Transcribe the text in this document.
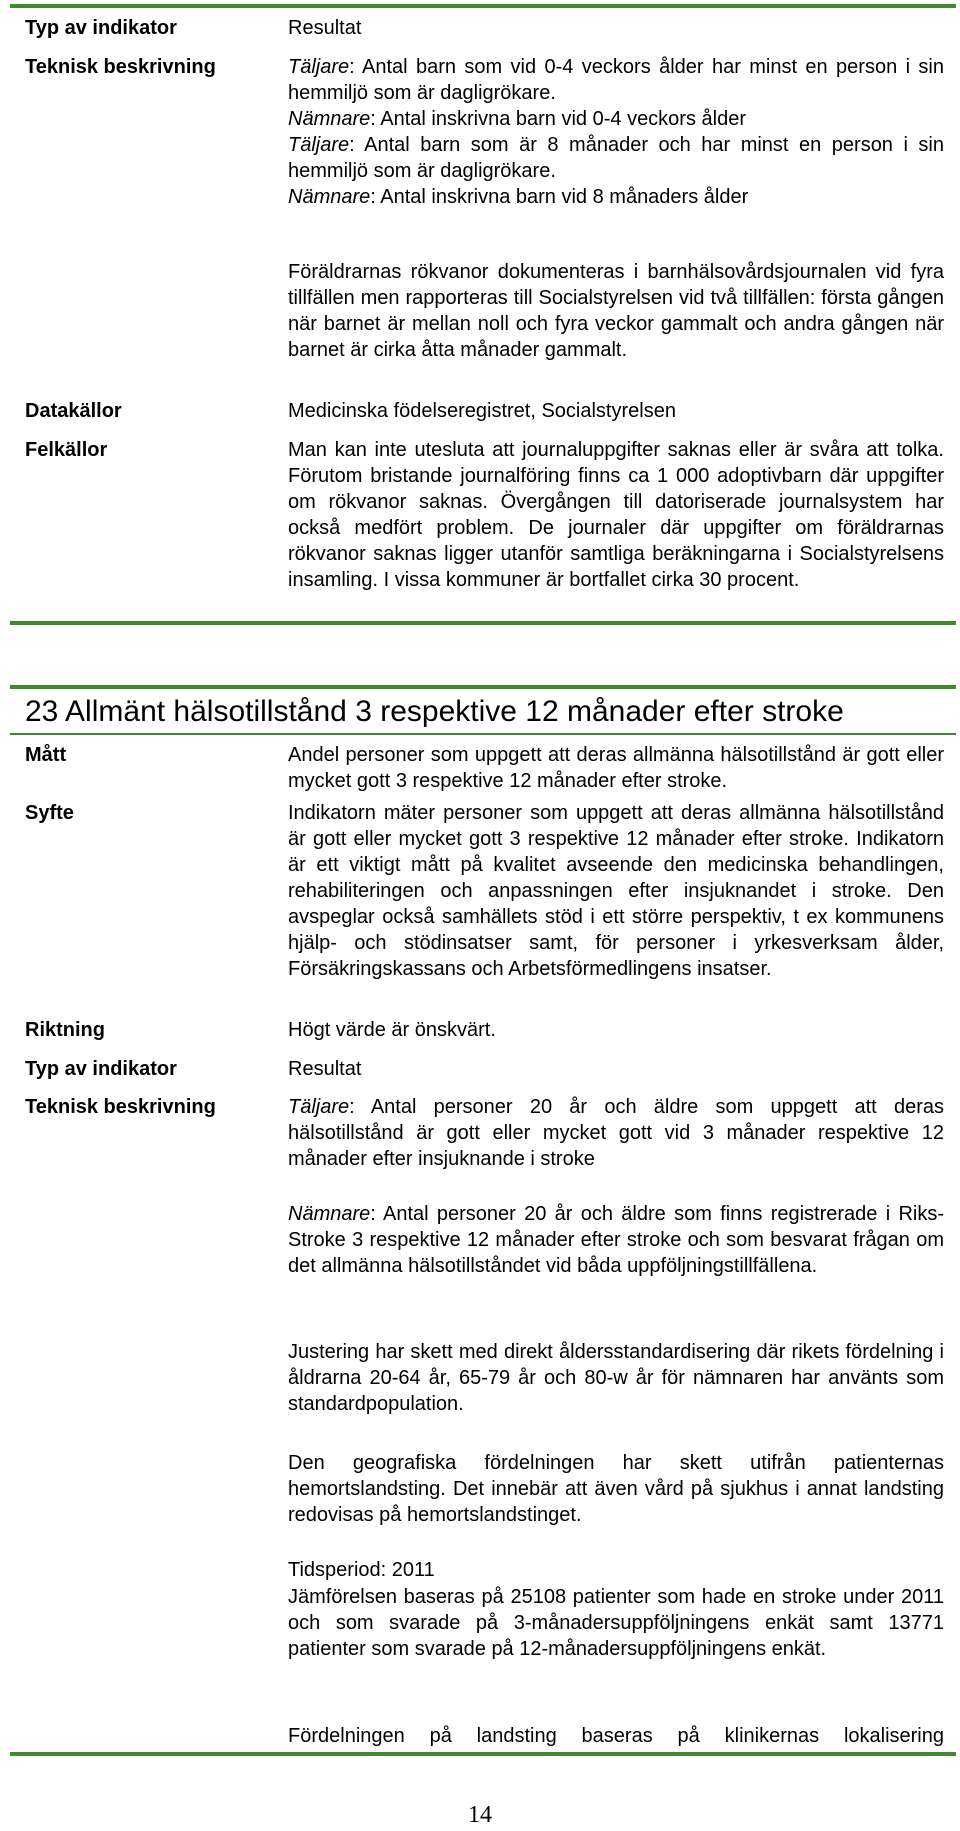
Typ av indikator	Resultat
Teknisk beskrivning	Täljare: Antal barn som vid 0-4 veckors ålder har minst en person i sin hemmiljö som är dagligrökare.
Nämnare: Antal inskrivna barn vid 0-4 veckors ålder
Täljare: Antal barn som är 8 månader och har minst en person i sin hemmiljö som är dagligrökare.
Nämnare: Antal inskrivna barn vid 8 månaders ålder
Föräldrarnas rökvanor dokumenteras i barnhälsovårdsjournalen vid fyra tillfällen men rapporteras till Socialstyrelsen vid två tillfällen: första gången när barnet är mellan noll och fyra veckor gammalt och andra gången när barnet är cirka åtta månader gammalt.
Datakällor	Medicinska födelseregistret, Socialstyrelsen
Felkällor	Man kan inte utesluta att journaluppgifter saknas eller är svåra att tolka. Förutom bristande journalföring finns ca 1 000 adoptivbarn där uppgifter om rökvanor saknas. Övergången till datoriserade journalsystem har också medfört problem. De journaler där uppgifter om föräldrarnas rökvanor saknas ligger utanför samtliga beräkningarna i Socialstyrelsens insamling. I vissa kommuner är bortfallet cirka 30 procent.
23 Allmänt hälsotillstånd 3 respektive 12 månader efter stroke
Mått	Andel personer som uppgett att deras allmänna hälsotillstånd är gott eller mycket gott 3 respektive 12 månader efter stroke.
Syfte	Indikatorn mäter personer som uppgett att deras allmänna hälsotillstånd är gott eller mycket gott 3 respektive 12 månader efter stroke. Indikatorn är ett viktigt mått på kvalitet avseende den medicinska behandlingen, rehabiliteringen och anpassningen efter insjuknandet i stroke. Den avspeglar också samhällets stöd i ett större perspektiv, t ex kommunens hjälp- och stödinsatser samt, för personer i yrkesverksam ålder, Försäkringskassans och Arbetsförmedlingens insatser.
Riktning	Högt värde är önskvärt.
Typ av indikator	Resultat
Teknisk beskrivning	Täljare: Antal personer 20 år och äldre som uppgett att deras hälsotillstånd är gott eller mycket gott vid 3 månader respektive 12 månader efter insjuknande i stroke
Nämnare: Antal personer 20 år och äldre som finns registrerade i Riks-Stroke 3 respektive 12 månader efter stroke och som besvarat frågan om det allmänna hälsotillståndet vid båda uppföljningstillfällena.
Justering har skett med direkt åldersstandardisering där rikets fördelning i åldrarna 20-64 år, 65-79 år och 80-w år för nämnaren har använts som standardpopulation.
Den geografiska fördelningen har skett utifrån patienternas hemortslandsting. Det innebär att även vård på sjukhus i annat landsting redovisas på hemortslandstinget.
Tidsperiod: 2011
Jämförelsen baseras på 25108 patienter som hade en stroke under 2011 och som svarade på 3-månadersuppföljningens enkät samt 13771 patienter som svarade på 12-månadersuppföljningens enkät.
Fördelningen på landsting baseras på klinikernas lokalisering
14
